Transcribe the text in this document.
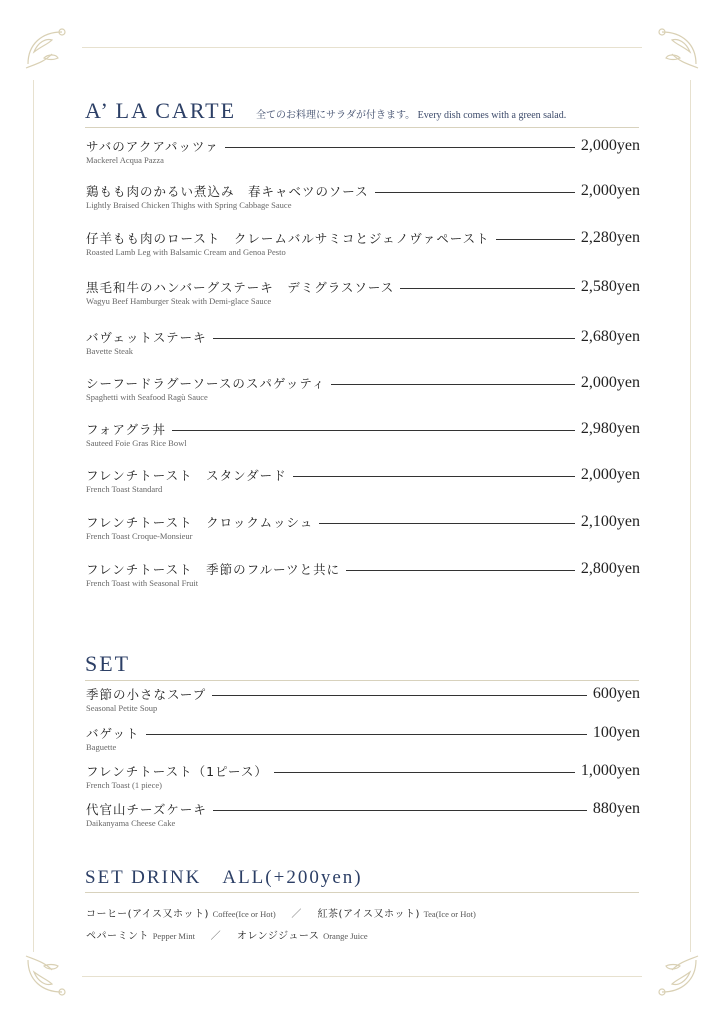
A’ LA CARTE 全てのお料理にサラダが付きます。 Every dish comes with a green salad.
サバのアクアパッツァ	2,000yen
Mackerel Acqua Pazza
鶏もも肉のかるい煮込み　春キャベツのソース	2,000yen
Lightly Braised Chicken Thighs with Spring Cabbage Sauce
仔羊もも肉のロースト　クレームバルサミコとジェノヴァペースト	2,280yen
Roasted Lamb Leg with Balsamic Cream and Genoa Pesto
黒毛和牛のハンバーグステーキ　デミグラスソース	2,580yen
Wagyu Beef Hamburger Steak with Demi-glace Sauce
バヴェットステーキ	2,680yen
Bavette Steak
シーフードラグーソースのスパゲッティ	2,000yen
Spaghetti with Seafood Ragù Sauce
フォアグラ丼	2,980yen
Sauteed Foie Gras Rice Bowl
フレンチトースト　スタンダード	2,000yen
French Toast Standard
フレンチトースト　クロックムッシュ	2,100yen
French Toast Croque-Monsieur
フレンチトースト　季節のフルーツと共に	2,800yen
French Toast with Seasonal Fruit
SET
季節の小さなスープ	600yen
Seasonal Petite Soup
バゲット	100yen
Baguette
フレンチトースト（1ピース）	1,000yen
French Toast (1 piece)
代官山チーズケーキ	880yen
Daikanyama Cheese Cake
SET DRINK　ALL(+200yen)
コーヒー(アイス又ホット) Coffee(Ice or Hot) ／ 紅茶(アイス又ホット) Tea(Ice or Hot)
ペパーミント Pepper Mint ／ オレンジジュース Orange Juice
